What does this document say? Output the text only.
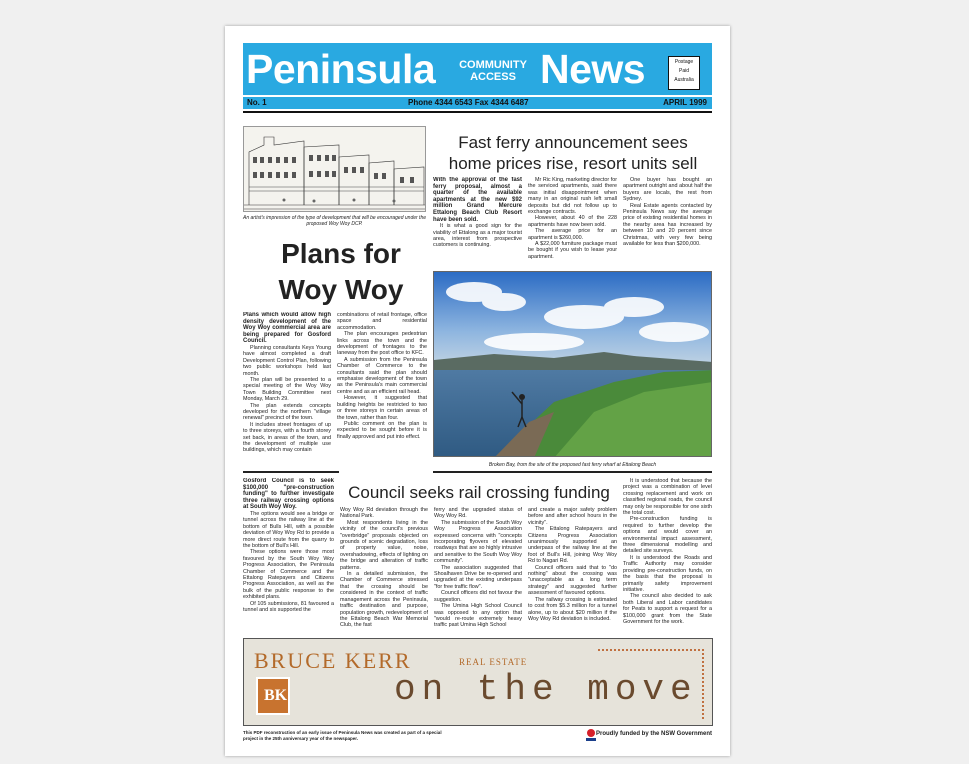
Peninsula	COMMUNITY
ACCESS News	Postage
Paid
Australia
No. 1	Phone 4344 6543 Fax 4344 6487	APRIL 1999
An artist's impression of the type of development that will be encouraged under the proposed Woy Woy DCP.
Plans for
Woy Woy

Plans which would allow high density development of the Woy Woy commercial area are being prepared for Gosford Council.

Planning consultants Keys Young have almost completed a draft Development Control Plan, following two public workshops held last month.

The plan will be presented to a special meeting of the Woy Woy Town Building Committee next Monday, March 29.

The plan extends concepts developed for the northern "village renewal" precinct of the town.

It includes street frontages of up to three storeys, with a fourth storey set back, in areas of the town, and the development of multiple use buildings, which may contain

combinations of retail frontage, office space and residential accommodation.

The plan encourages pedestrian links across the town and the development of frontages to the laneway from the post office to KFC.

A submission from the Peninsula Chamber of Commerce to the consultants said the plan should emphasise development of the town as the Peninsula's main commercial centre and as an efficient rail head.

However, it suggested that building heights be restricted to two or three storeys in certain areas of the town, rather than four.

Public comment on the plan is expected to be sought before it is finally approved and put into effect.

Fast ferry announcement sees
home prices rise, resort units sell

With the approval of the fast ferry proposal, almost a quarter of the available apartments at the new $92 million Grand Mercure Ettalong Beach Club Resort have been sold.

It is what a good sign for the viability of Ettalong as a major tourist area, interest from prospective customers is continuing.

Mr Ric King, marketing director for the serviced apartments, said there was initial disappointment when many in an original rush left small deposits but did not follow up to exchange contracts.

However, about 40 of the 228 apartments have now been sold.

The average price for an apartment is $260,000.

A $22,000 furniture package must be bought if you wish to lease your apartment.

One buyer has bought an apartment outright and about half the buyers are locals, the rest from Sydney.

Real Estate agents contacted by Peninsula News say the average price of existing residential homes in the nearby area has increased by between 10 and 20 percent since Christmas, with very few being available for less than $200,000.

Broken Bay, from the site of the proposed fast ferry wharf at Ettalong Beach
Council seeks rail crossing funding

Gosford Council is to seek $100,000 "pre-construction funding" to further investigate three railway crossing options at South Woy Woy.

The options would see a bridge or tunnel across the railway line at the bottom of Bulls Hill, with a possible deviation of Woy Woy Rd to provide a more direct route from the quarry to the bottom of Bull's Hill.

These options were those most favoured by the South Woy Woy Progress Association, the Peninsula Chamber of Commerce and the Ettalong Ratepayers and Citizens Progress Association, as well as the bulk of the public response to the exhibited plans.

Of 105 submissions, 81 favoured a tunnel and six supported the

Woy Woy Rd deviation through the National Park.

Most respondents living in the vicinity of the council's previous "overbridge" proposals objected on grounds of scenic degradation, loss of property value, noise, overshadowing, effects of lighting on the bridge and alteration of traffic patterns.

In a detailed submission, the Chamber of Commerce stressed that the crossing should be considered in the context of traffic management across the Peninsula, traffic destination and purpose, population growth, redevelopment of the Ettalong Beach War Memorial Club, the fast

ferry and the upgraded status of Woy Woy Rd.

The submission of the South Woy Woy Progress Association expressed concerns with "concepts incorporating flyovers of elevated roadways that are so highly intrusive and sensitive to the South Woy Woy community".

The association suggested that Shoalhaven Drive be re-opened and upgraded at the existing underpass "for free traffic flow".

Council officers did not favour the suggestion.

The Umina High School Council was opposed to any option that "would re-route extremely heavy traffic past Umina High School

and create a major safety problem before and after school hours in the vicinity".

The Ettalong Ratepayers and Citizens Progress Association unanimously supported an underpass of the railway line at the foot of Bull's Hill, joining Woy Woy Rd to Nagari Rd.

Council officers said that to "do nothing" about the crossing was "unacceptable as a long term strategy" and suggested further assessment of favoured options.

The railway crossing is estimated to cost from $5.3 million for a tunnel alone, up to about $20 million if the Woy Woy Rd deviation is included.

It is understood that because the project was a combination of level crossing replacement and work on classified regional roads, the council may only be responsible for one sixth the total cost.

Pre-construction funding is required to further develop the options and would cover an environmental impact assessment, three dimensional modelling and detailed site surveys.

It is understood the Roads and Traffic Authority may consider providing pre-construction funds, on the basis that the proposal is primarily safety improvement initiative.

The council also decided to ask both Liberal and Labor candidates for Peats to support a request for a $100,000 grant from the State Government for the work.

BRUCE KERR	REAL ESTATE
BK	on the move
This PDF reconstruction of an early issue of Peninsula News was created as part of a special project in the 25th anniversary year of the newspaper.
Proudly funded by the NSW Government
